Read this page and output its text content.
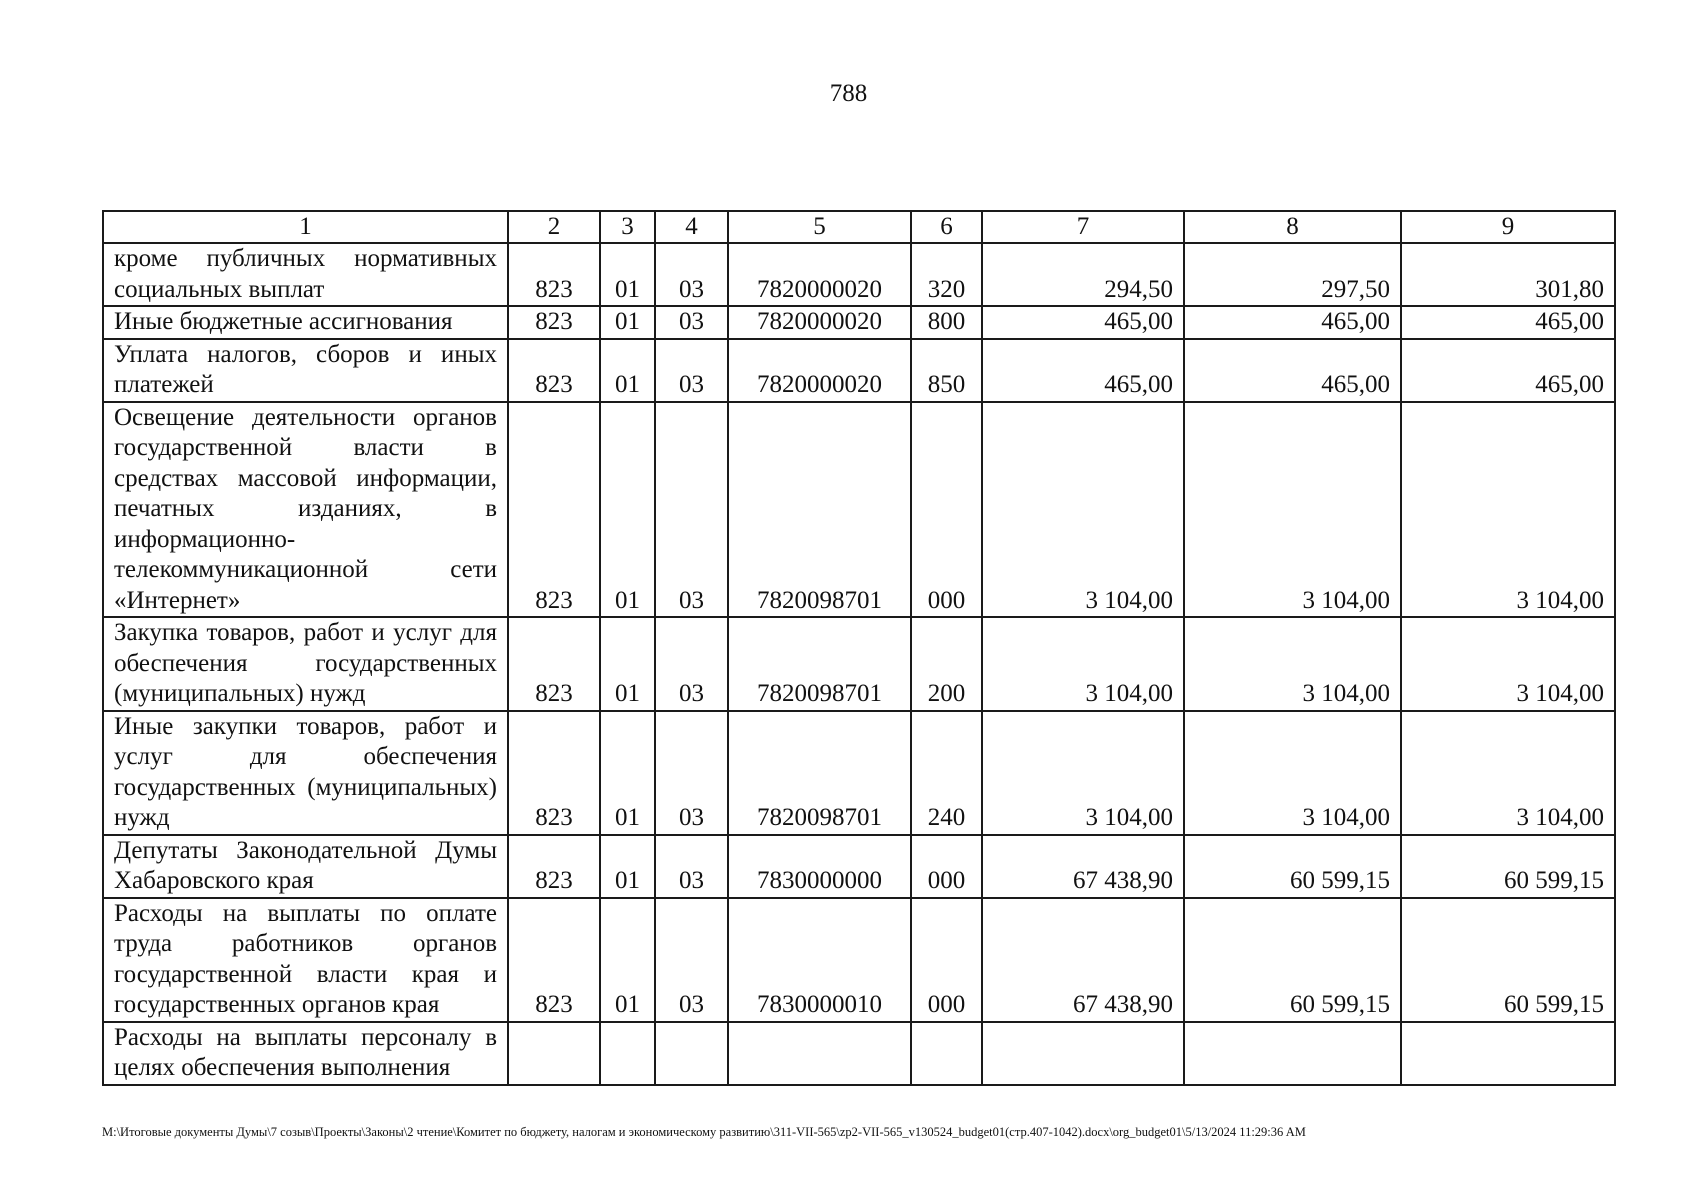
788
1	2	3	4	5	6	7	8	9
кроме публичных нормативных социальных выплат	823	01	03	7820000020	320	294,50	297,50	301,80
Иные бюджетные ассигнования	823	01	03	7820000020	800	465,00	465,00	465,00
Уплата налогов, сборов и иных платежей	823	01	03	7820000020	850	465,00	465,00	465,00
Освещение деятельности органов государственной власти в средствах массовой информации, печатных изданиях, в информационно-телекоммуникационной сети «Интернет»	823	01	03	7820098701	000	3 104,00	3 104,00	3 104,00
Закупка товаров, работ и услуг для обеспечения государственных (муниципальных) нужд	823	01	03	7820098701	200	3 104,00	3 104,00	3 104,00
Иные закупки товаров, работ и услуг для обеспечения государственных (муниципальных) нужд	823	01	03	7820098701	240	3 104,00	3 104,00	3 104,00
Депутаты Законодательной Думы Хабаровского края	823	01	03	7830000000	000	67 438,90	60 599,15	60 599,15
Расходы на выплаты по оплате труда работников органов государственной власти края и государственных органов края	823	01	03	7830000010	000	67 438,90	60 599,15	60 599,15
Расходы на выплаты персоналу в целях обеспечения выполнения								
M:\Итоговые документы Думы\7 созыв\Проекты\Законы\2 чтение\Комитет по бюджету, налогам и экономическому развитию\311-VII-565\zp2-VII-565_v130524_budget01(стр.407-1042).docx\org_budget01\5/13/2024 11:29:36 AM
